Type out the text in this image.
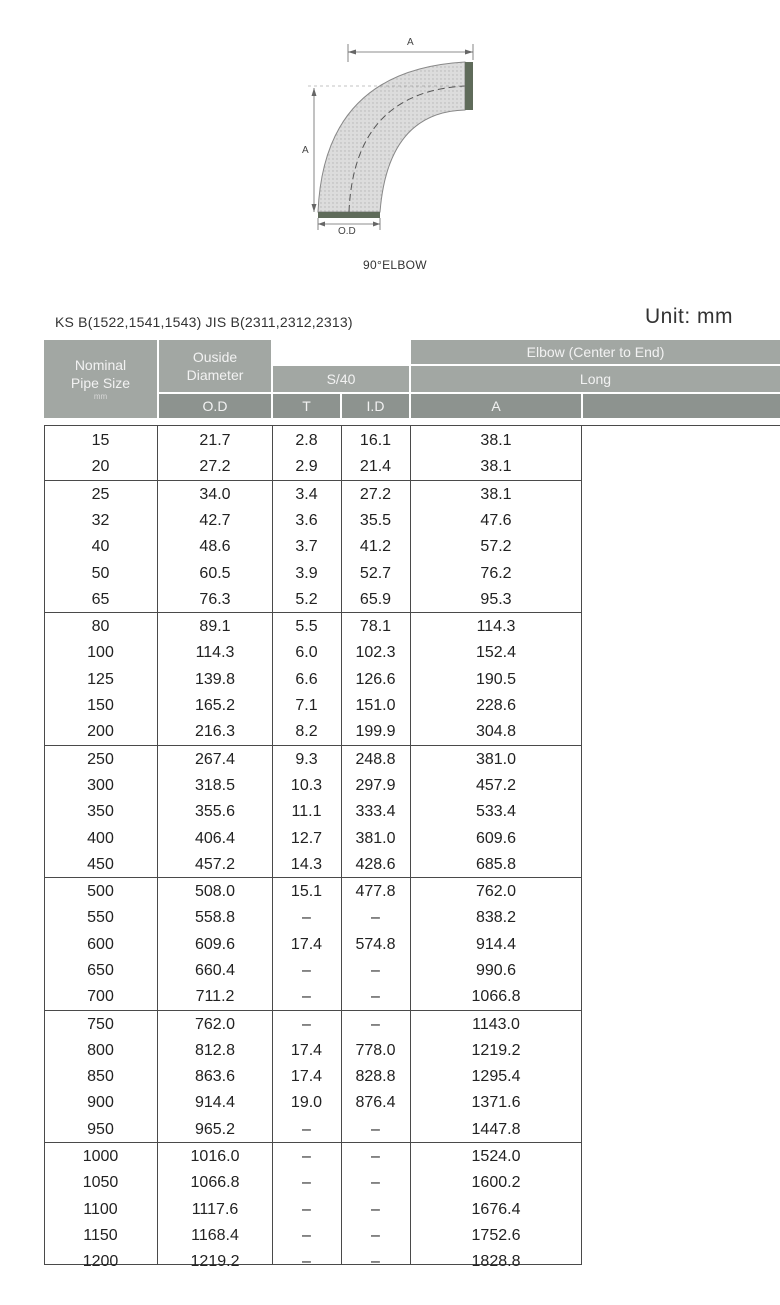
A
A
O.D
90°ELBOW
KS B(1522,1541,1543) JIS B(2311,2312,2313)	Unit: mm
Nominal Pipe Size
mm
Ouside Diameter
O.D
S/40
T	I.D
Elbow (Center to End)
Long
A
15	21.7	2.8	16.1	38.1
20	27.2	2.9	21.4	38.1
25	34.0	3.4	27.2	38.1
32	42.7	3.6	35.5	47.6
40	48.6	3.7	41.2	57.2
50	60.5	3.9	52.7	76.2
65	76.3	5.2	65.9	95.3
80	89.1	5.5	78.1	114.3
100	114.3	6.0	102.3	152.4
125	139.8	6.6	126.6	190.5
150	165.2	7.1	151.0	228.6
200	216.3	8.2	199.9	304.8
250	267.4	9.3	248.8	381.0
300	318.5	10.3	297.9	457.2
350	355.6	11.1	333.4	533.4
400	406.4	12.7	381.0	609.6
450	457.2	14.3	428.6	685.8
500	508.0	15.1	477.8	762.0
550	558.8	–	–	838.2
600	609.6	17.4	574.8	914.4
650	660.4	–	–	990.6
700	711.2	–	–	1066.8
750	762.0	–	–	1143.0
800	812.8	17.4	778.0	1219.2
850	863.6	17.4	828.8	1295.4
900	914.4	19.0	876.4	1371.6
950	965.2	–	–	1447.8
1000	1016.0	–	–	1524.0
1050	1066.8	–	–	1600.2
1100	1117.6	–	–	1676.4
1150	1168.4	–	–	1752.6
1200	1219.2	–	–	1828.8
